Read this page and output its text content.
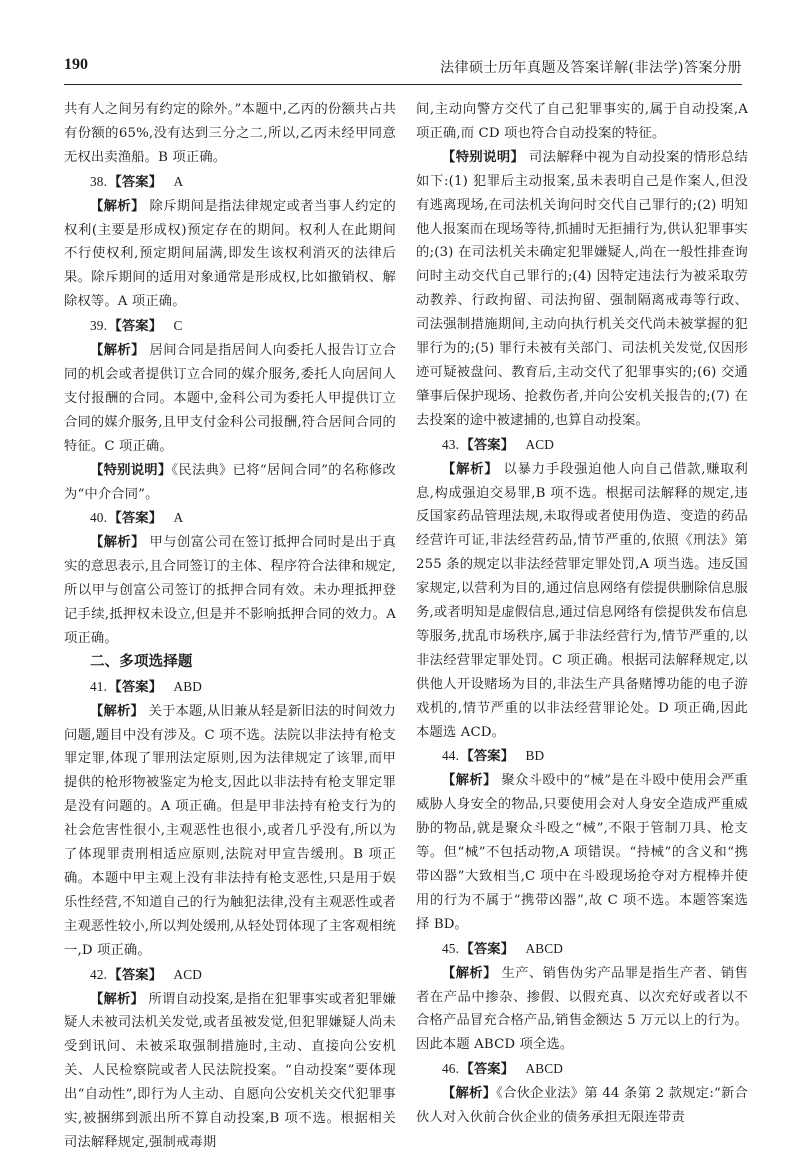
190	法律硕士历年真题及答案详解(非法学)答案分册

共有人之间另有约定的除外。”本题中,乙丙的份额共占共有份额的65%,没有达到三分之二,所以,乙丙未经甲同意无权出卖渔船。B 项正确。

38.【答案】 A

【解析】 除斥期间是指法律规定或者当事人约定的权利(主要是形成权)预定存在的期间。权利人在此期间不行使权利,预定期间届满,即发生该权利消灭的法律后果。除斥期间的适用对象通常是形成权,比如撤销权、解除权等。A 项正确。

39.【答案】 C

【解析】 居间合同是指居间人向委托人报告订立合同的机会或者提供订立合同的媒介服务,委托人向居间人支付报酬的合同。本题中,金科公司为委托人甲提供订立合同的媒介服务,且甲支付金科公司报酬,符合居间合同的特征。C 项正确。

【特别说明】《民法典》已将“居间合同”的名称修改为“中介合同”。

40.【答案】 A

【解析】 甲与创富公司在签订抵押合同时是出于真实的意思表示,且合同签订的主体、程序符合法律和规定,所以甲与创富公司签订的抵押合同有效。未办理抵押登记手续,抵押权未设立,但是并不影响抵押合同的效力。A 项正确。

二、多项选择题

41.【答案】 ABD

【解析】 关于本题,从旧兼从轻是新旧法的时间效力问题,题目中没有涉及。C 项不选。法院以非法持有枪支罪定罪,体现了罪刑法定原则,因为法律规定了该罪,而甲提供的枪形物被鉴定为枪支,因此以非法持有枪支罪定罪是没有问题的。A 项正确。但是甲非法持有枪支行为的社会危害性很小,主观恶性也很小,或者几乎没有,所以为了体现罪责刑相适应原则,法院对甲宣告缓刑。B 项正确。本题中甲主观上没有非法持有枪支恶性,只是用于娱乐性经营,不知道自己的行为触犯法律,没有主观恶性或者主观恶性较小,所以判处缓刑,从轻处罚体现了主客观相统一,D 项正确。

42.【答案】 ACD

【解析】 所谓自动投案,是指在犯罪事实或者犯罪嫌疑人未被司法机关发觉,或者虽被发觉,但犯罪嫌疑人尚未受到讯问、未被采取强制措施时,主动、直接向公安机关、人民检察院或者人民法院投案。“自动投案”要体现出“自动性”,即行为人主动、自愿向公安机关交代犯罪事实,被捆绑到派出所不算自动投案,B 项不选。根据相关司法解释规定,强制戒毒期

间,主动向警方交代了自己犯罪事实的,属于自动投案,A 项正确,而 CD 项也符合自动投案的特征。

【特别说明】 司法解释中视为自动投案的情形总结如下:(1) 犯罪后主动报案,虽未表明自己是作案人,但没有逃离现场,在司法机关询问时交代自己罪行的;(2) 明知他人报案而在现场等待,抓捕时无拒捕行为,供认犯罪事实的;(3) 在司法机关未确定犯罪嫌疑人,尚在一般性排查询问时主动交代自己罪行的;(4) 因特定违法行为被采取劳动教养、行政拘留、司法拘留、强制隔离戒毒等行政、司法强制措施期间,主动向执行机关交代尚未被掌握的犯罪行为的;(5) 罪行未被有关部门、司法机关发觉,仅因形迹可疑被盘问、教育后,主动交代了犯罪事实的;(6) 交通肇事后保护现场、抢救伤者,并向公安机关报告的;(7) 在去投案的途中被逮捕的,也算自动投案。

43.【答案】 ACD

【解析】 以暴力手段强迫他人向自己借款,赚取利息,构成强迫交易罪,B 项不选。根据司法解释的规定,违反国家药品管理法规,未取得或者使用伪造、变造的药品经营许可证,非法经营药品,情节严重的,依照《刑法》第 255 条的规定以非法经营罪定罪处罚,A 项当选。违反国家规定,以营利为目的,通过信息网络有偿提供删除信息服务,或者明知是虚假信息,通过信息网络有偿提供发布信息等服务,扰乱市场秩序,属于非法经营行为,情节严重的,以非法经营罪定罪处罚。C 项正确。根据司法解释规定,以供他人开设赌场为目的,非法生产具备赌博功能的电子游戏机的,情节严重的以非法经营罪论处。D 项正确,因此本题选 ACD。

44.【答案】 BD

【解析】 聚众斗殴中的“械”是在斗殴中使用会严重威胁人身安全的物品,只要使用会对人身安全造成严重威胁的物品,就是聚众斗殴之“械”,不限于管制刀具、枪支等。但“械”不包括动物,A 项错误。“持械”的含义和“携带凶器”大致相当,C 项中在斗殴现场抢夺对方棍棒并使用的行为不属于“携带凶器”,故 C 项不选。本题答案选择 BD。

45.【答案】 ABCD

【解析】 生产、销售伪劣产品罪是指生产者、销售者在产品中掺杂、掺假、以假充真、以次充好或者以不合格产品冒充合格产品,销售金额达 5 万元以上的行为。因此本题 ABCD 项全选。

46.【答案】 ABCD

【解析】《合伙企业法》第 44 条第 2 款规定:“新合伙人对入伙前合伙企业的债务承担无限连带责
